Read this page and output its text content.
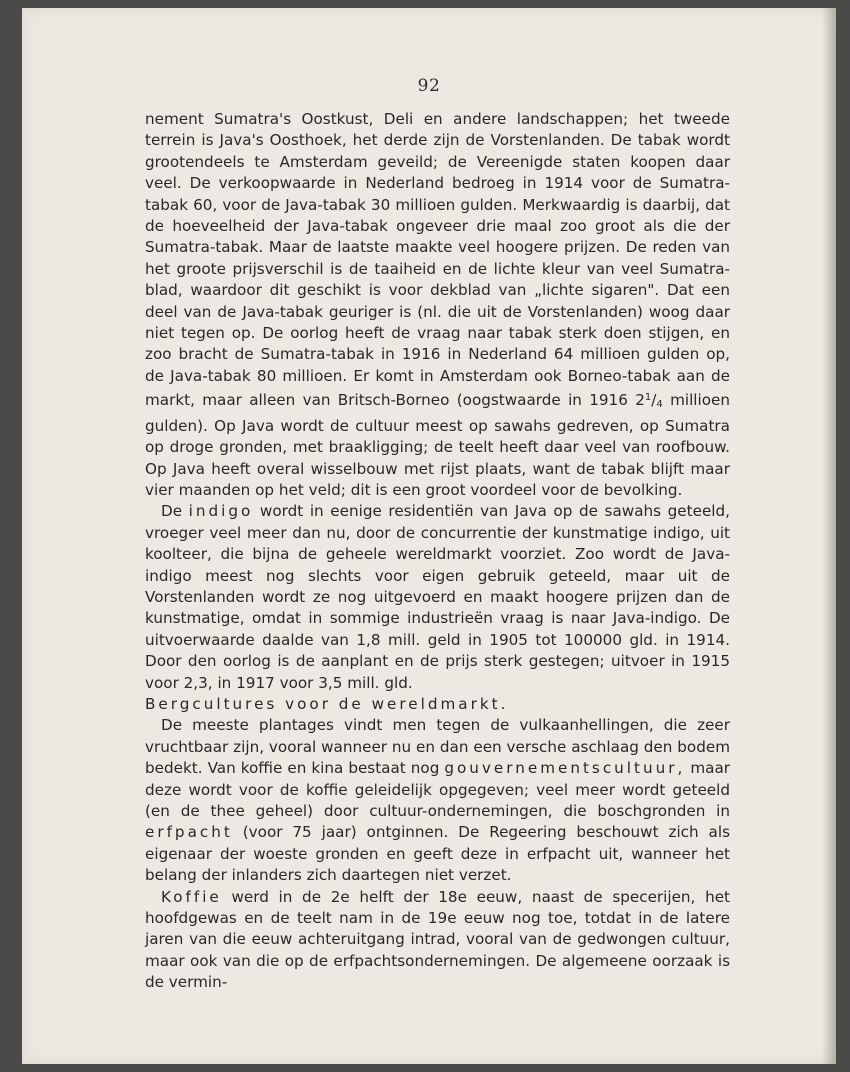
92

nement Sumatra's Oostkust, Deli en andere landschappen; het tweede terrein is Java's Oosthoek, het derde zijn de Vorstenlanden. De tabak wordt grootendeels te Amsterdam geveild; de Vereenigde staten koopen daar veel. De verkoopwaarde in Nederland bedroeg in 1914 voor de Sumatra-tabak 60, voor de Java-tabak 30 millioen gulden. Merkwaardig is daarbij, dat de hoeveelheid der Java-tabak ongeveer drie maal zoo groot als die der Sumatra-tabak. Maar de laatste maakte veel hoogere prijzen. De reden van het groote prijsverschil is de taaiheid en de lichte kleur van veel Sumatra-blad, waardoor dit geschikt is voor dekblad van „lichte sigaren". Dat een deel van de Java-tabak geuriger is (nl. die uit de Vorstenlanden) woog daar niet tegen op. De oorlog heeft de vraag naar tabak sterk doen stijgen, en zoo bracht de Sumatra-tabak in 1916 in Nederland 64 millioen gulden op, de Java-tabak 80 millioen. Er komt in Amsterdam ook Borneo-tabak aan de markt, maar alleen van Britsch-Borneo (oogstwaarde in 1916 $2^1/_4$ millioen gulden). Op Java wordt de cultuur meest op sawahs gedreven, op Sumatra op droge gronden, met braakligging; de teelt heeft daar veel van roofbouw. Op Java heeft overal wisselbouw met rijst plaats, want de tabak blijft maar vier maanden op het veld; dit is een groot voordeel voor de bevolking.

De indigo wordt in eenige residentiën van Java op de sawahs geteeld, vroeger veel meer dan nu, door de concurrentie der kunstmatige indigo, uit koolteer, die bijna de geheele wereldmarkt voorziet. Zoo wordt de Java-indigo meest nog slechts voor eigen gebruik geteeld, maar uit de Vorstenlanden wordt ze nog uitgevoerd en maakt hoogere prijzen dan de kunstmatige, omdat in sommige industrieën vraag is naar Java-indigo. De uitvoerwaarde daalde van 1,8 mill. geld in 1905 tot 100000 gld. in 1914. Door den oorlog is de aanplant en de prijs sterk gestegen; uitvoer in 1915 voor 2,3, in 1917 voor 3,5 mill. gld.

Bergcultures voor de wereldmarkt.

De meeste plantages vindt men tegen de vulkaanhellingen, die zeer vruchtbaar zijn, vooral wanneer nu en dan een versche aschlaag den bodem bedekt. Van koffie en kina bestaat nog gouvernementscultuur, maar deze wordt voor de koffie geleidelijk opgegeven; veel meer wordt geteeld (en de thee geheel) door cultuur-ondernemingen, die boschgronden in erfpacht (voor 75 jaar) ontginnen. De Regeering beschouwt zich als eigenaar der woeste gronden en geeft deze in erfpacht uit, wanneer het belang der inlanders zich daartegen niet verzet.

Koffie werd in de 2e helft der 18e eeuw, naast de specerijen, het hoofdgewas en de teelt nam in de 19e eeuw nog toe, totdat in de latere jaren van die eeuw achteruitgang intrad, vooral van de gedwongen cultuur, maar ook van die op de erfpachtsondernemingen. De algemeene oorzaak is de vermin-
